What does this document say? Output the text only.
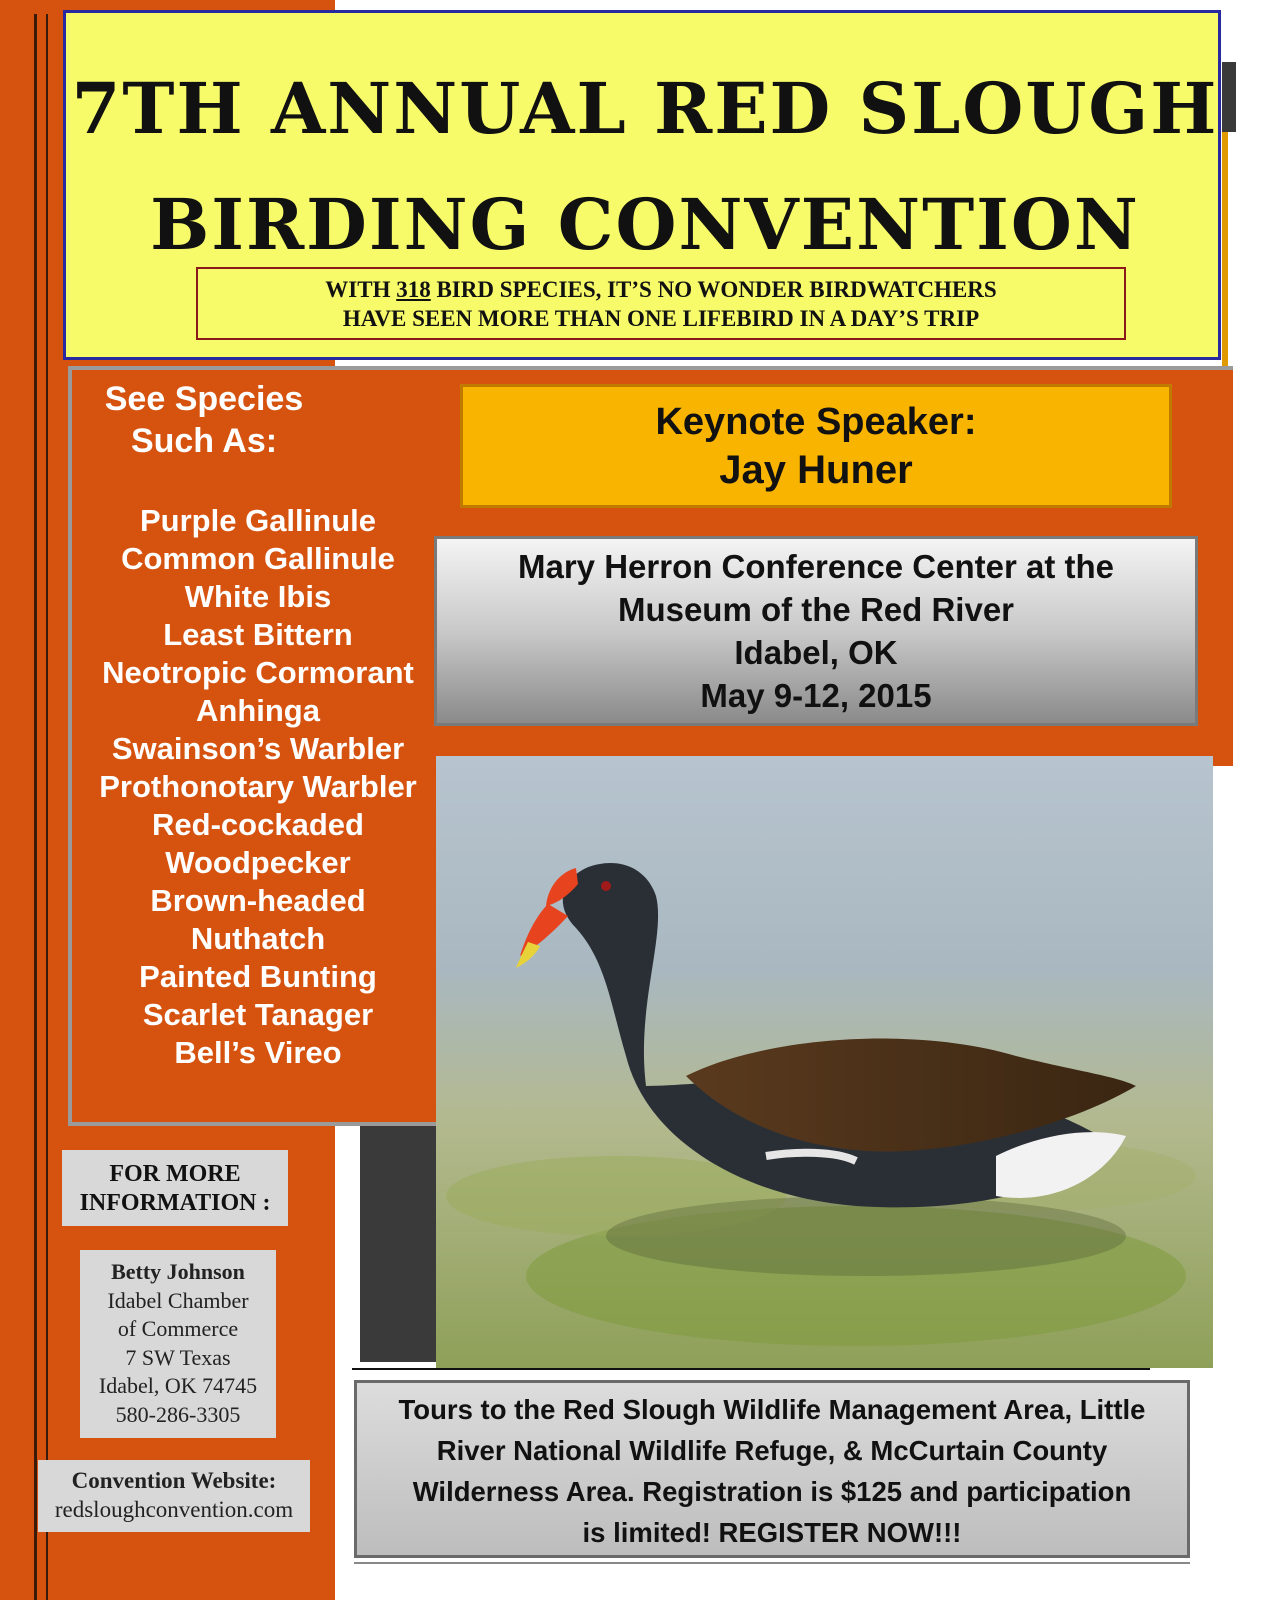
7TH ANNUAL RED SLOUGH
BIRDING CONVENTION
WITH 318 BIRD SPECIES, IT’S NO WONDER BIRDWATCHERS
HAVE SEEN MORE THAN ONE LIFEBIRD IN A DAY’S TRIP
See Species
Such As:
Purple Gallinule
Common Gallinule
White Ibis
Least Bittern
Neotropic Cormorant
Anhinga
Swainson’s Warbler
Prothonotary Warbler
Red-cockaded
Woodpecker
Brown-headed
Nuthatch
Painted Bunting
Scarlet Tanager
Bell’s Vireo
Keynote Speaker:
Jay Huner
Mary Herron Conference Center at the
Museum of the Red River
Idabel, OK
May 9-12, 2015
FOR MORE
INFORMATION :
Betty Johnson
Idabel Chamber
of Commerce
7 SW Texas
Idabel, OK 74745
580-286-3305
Convention Website:
redsloughconvention.com
Tours to the Red Slough Wildlife Management Area, Little
River National Wildlife Refuge, & McCurtain County
Wilderness Area. Registration is $125 and participation
is limited! REGISTER NOW!!!
